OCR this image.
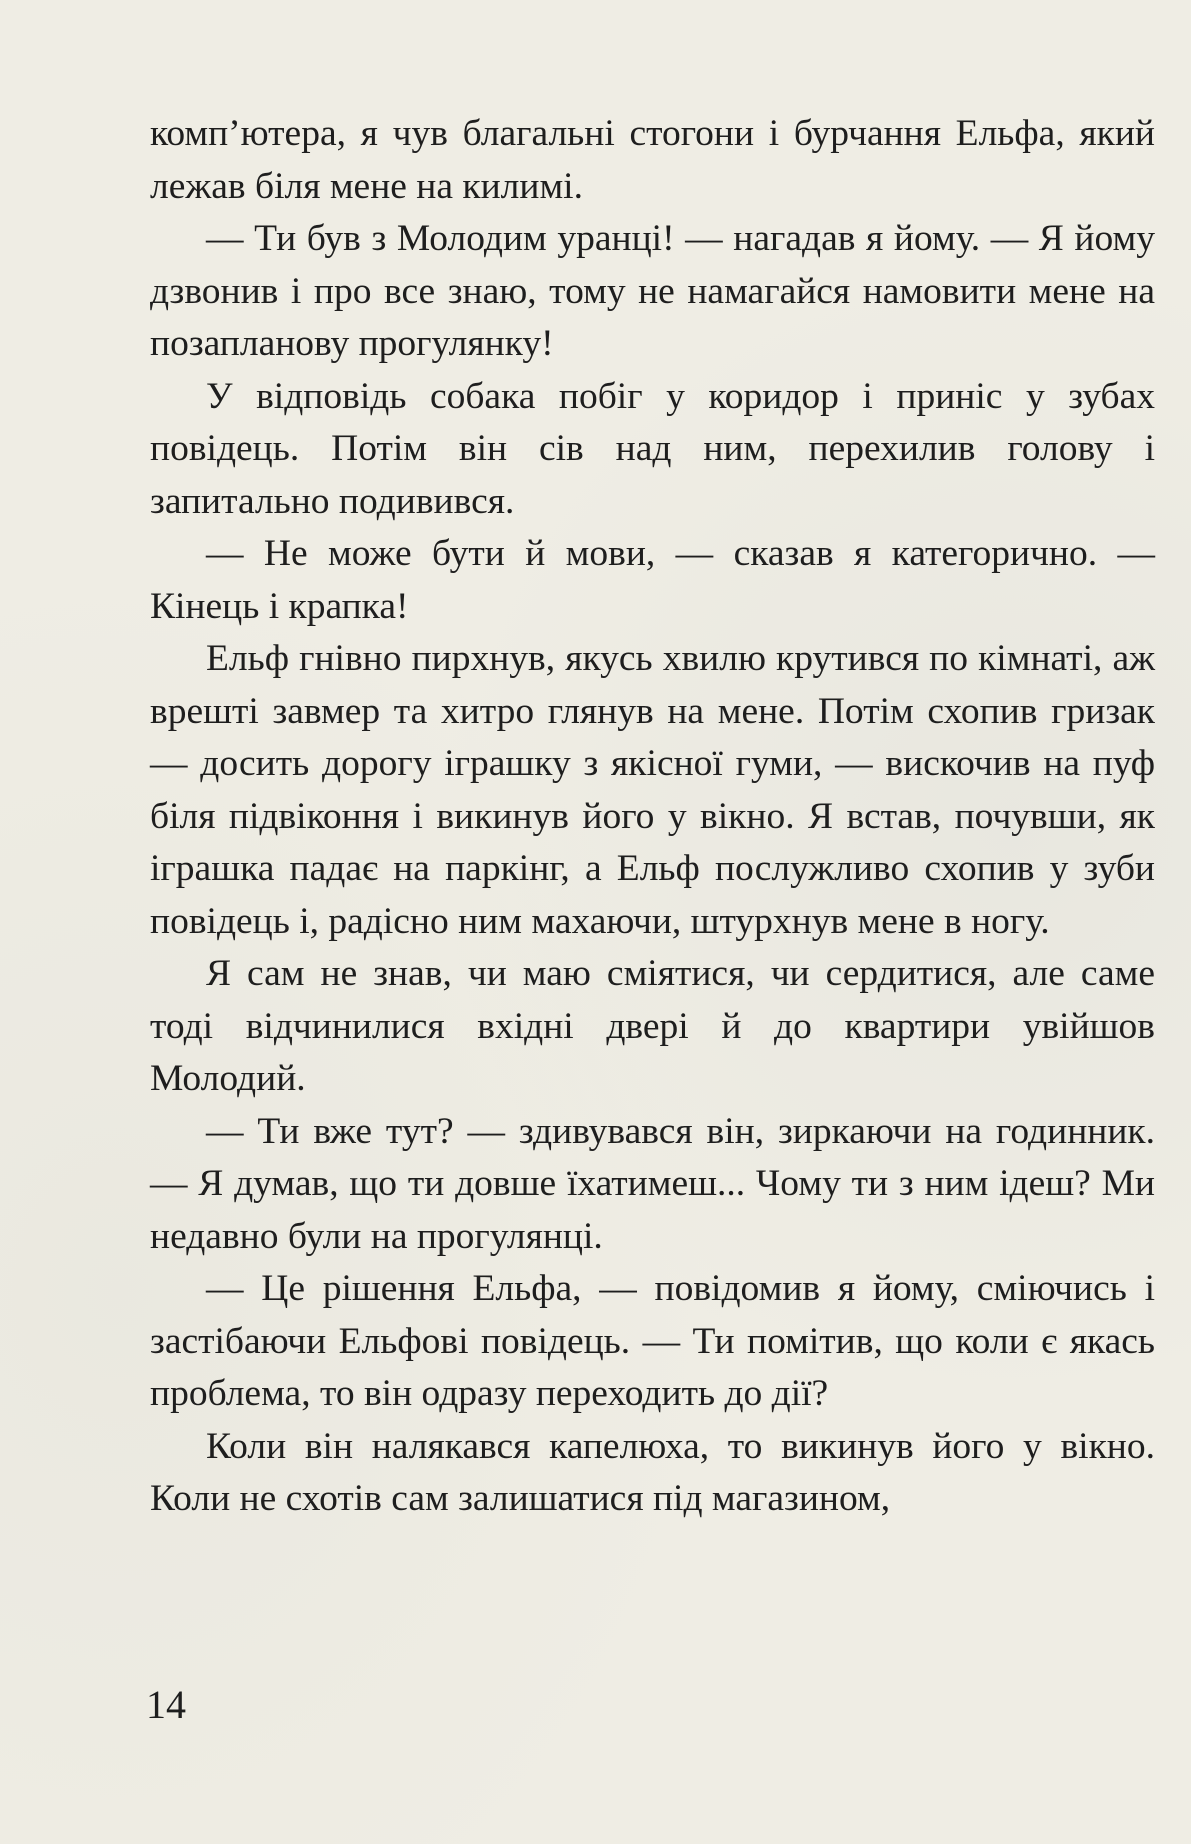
комп’ютера, я чув благальні стогони і бурчання Ельфа, який лежав біля мене на килимі.

— Ти був з Молодим уранці! — нагадав я йому. — Я йому дзвонив і про все знаю, тому не намагайся намовити мене на позапланову прогулянку!

У відповідь собака побіг у коридор і приніс у зубах повідець. Потім він сів над ним, перехилив голову і запитально подивився.

— Не може бути й мови, — сказав я категорично. — Кінець і крапка!

Ельф гнівно пирхнув, якусь хвилю крутився по кімнаті, аж врешті завмер та хитро глянув на мене. Потім схопив гризак — досить дорогу іграшку з якісної гуми, — вискочив на пуф біля підвіконня і викинув його у вікно. Я встав, почувши, як іграшка падає на паркінг, а Ельф послужливо схопив у зуби повідець і, радісно ним махаючи, штурхнув мене в ногу.

Я сам не знав, чи маю сміятися, чи сердитися, але саме тоді відчинилися вхідні двері й до квартири увійшов Молодий.

— Ти вже тут? — здивувався він, зиркаючи на годинник. — Я думав, що ти довше їхатимеш... Чому ти з ним ідеш? Ми недавно були на прогулянці.

— Це рішення Ельфа, — повідомив я йому, сміючись і застібаючи Ельфові повідець. — Ти помітив, що коли є якась проблема, то він одразу переходить до дії?

Коли він налякався капелюха, то викинув його у вікно. Коли не схотів сам залишатися під магазином,

14
